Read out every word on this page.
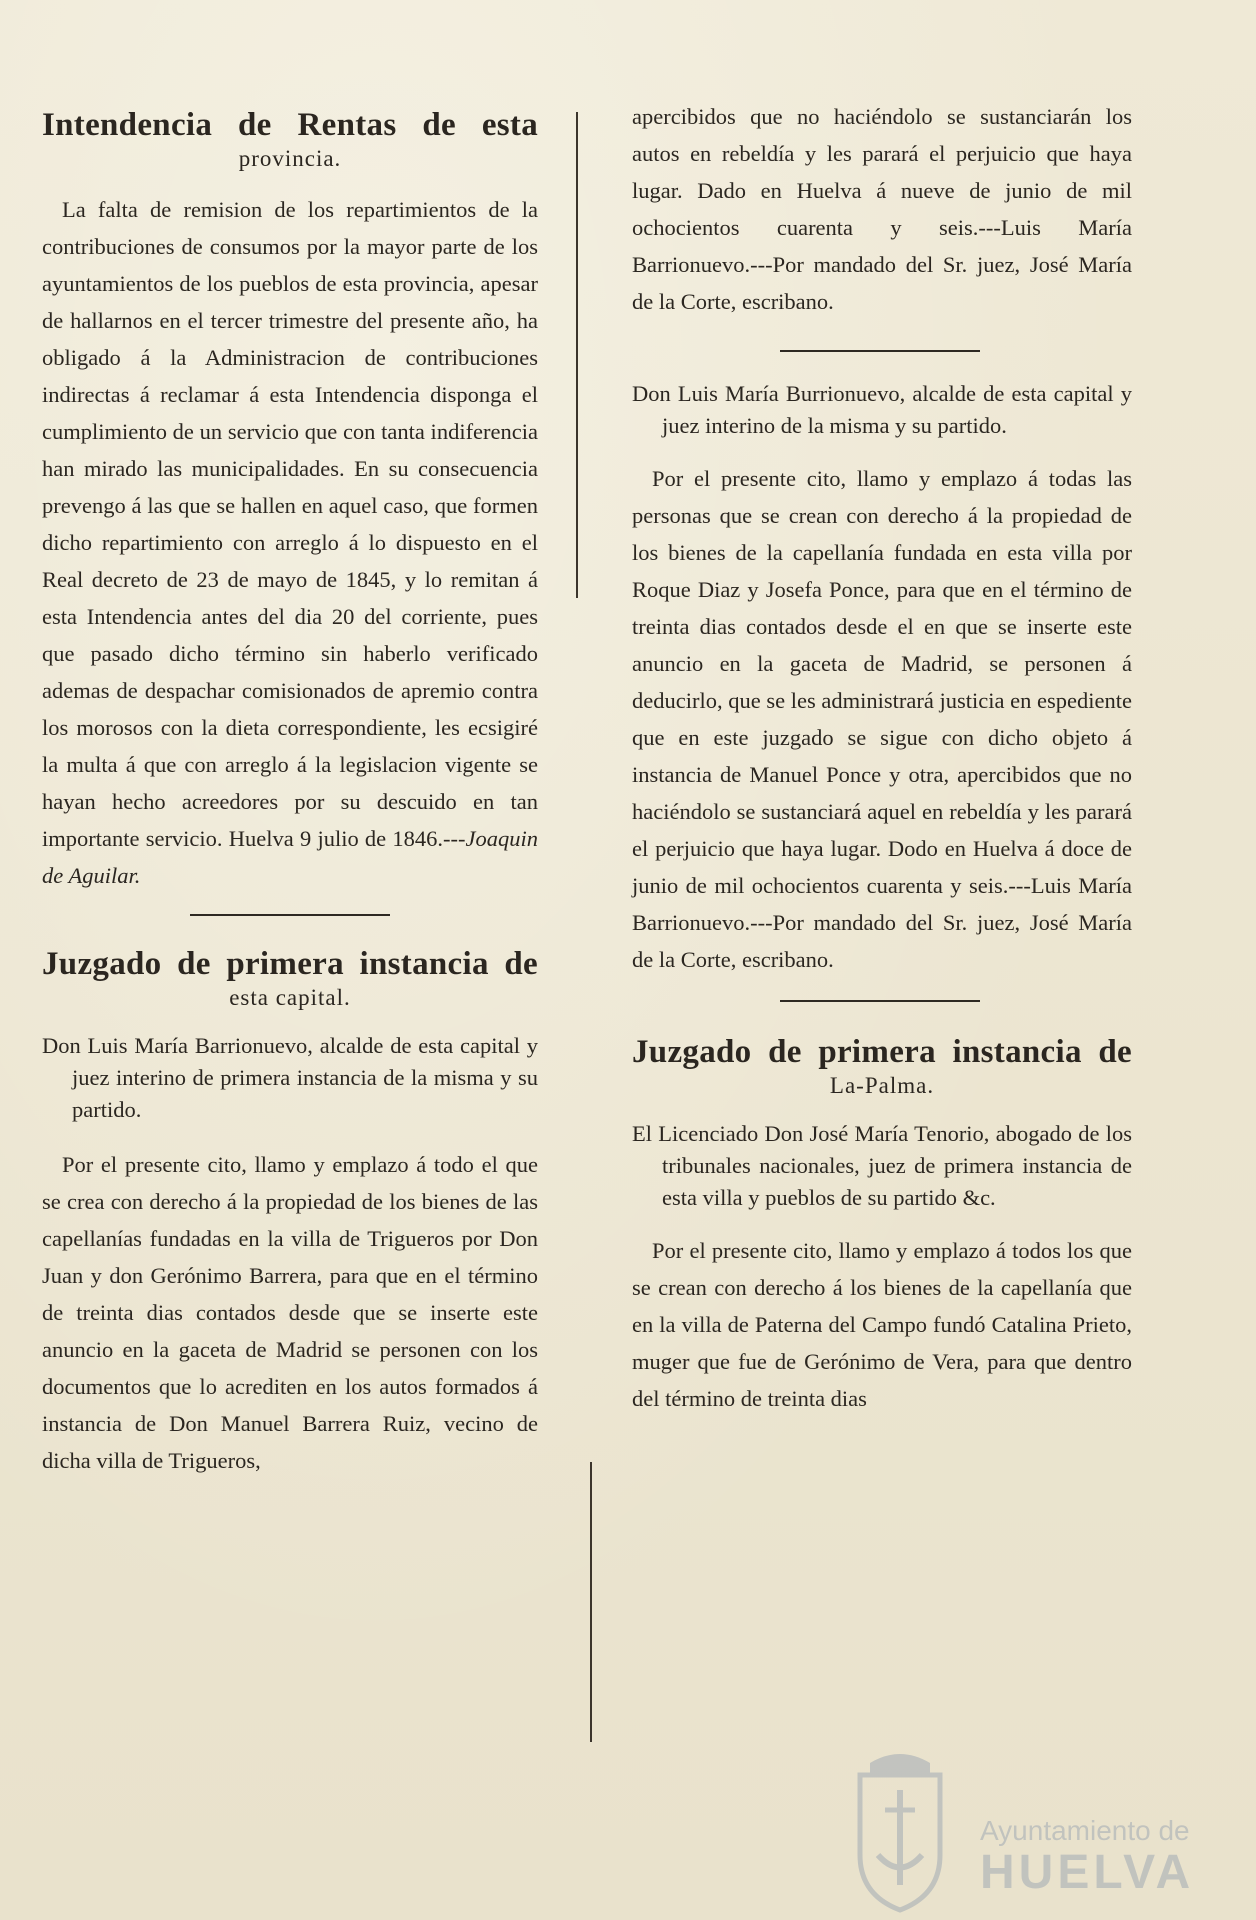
Intendencia de Rentas de esta

provincia.

La falta de remision de los repartimientos de la contribuciones de consumos por la mayor parte de los ayuntamientos de los pueblos de esta provincia, apesar de hallarnos en el tercer trimestre del presente año, ha obligado á la Administracion de contribuciones indirectas á reclamar á esta Intendencia disponga el cumplimiento de un servicio que con tanta indiferencia han mirado las municipalidades. En su consecuencia prevengo á las que se hallen en aquel caso, que formen dicho repartimiento con arreglo á lo dispuesto en el Real decreto de 23 de mayo de 1845, y lo remitan á esta Intendencia antes del dia 20 del corriente, pues que pasado dicho término sin haberlo verificado ademas de despachar comisionados de apremio contra los morosos con la dieta correspondiente, les ecsigiré la multa á que con arreglo á la legislacion vigente se hayan hecho acreedores por su descuido en tan importante servicio. Huelva 9 julio de 1846.---Joaquin de Aguilar.

Juzgado de primera instancia de

esta capital.

Don Luis María Barrionuevo, alcalde de esta capital y juez interino de primera instancia de la misma y su partido.

Por el presente cito, llamo y emplazo á todo el que se crea con derecho á la propiedad de los bienes de las capellanías fundadas en la villa de Trigueros por Don Juan y don Gerónimo Barrera, para que en el término de treinta dias contados desde que se inserte este anuncio en la gaceta de Madrid se personen con los documentos que lo acrediten en los autos formados á instancia de Don Manuel Barrera Ruiz, vecino de dicha villa de Trigueros,

apercibidos que no haciéndolo se sustanciarán los autos en rebeldía y les parará el perjuicio que haya lugar. Dado en Huelva á nueve de junio de mil ochocientos cuarenta y seis.---Luis María Barrionuevo.---Por mandado del Sr. juez, José María de la Corte, escribano.

Don Luis María Burrionuevo, alcalde de esta capital y juez interino de la misma y su partido.

Por el presente cito, llamo y emplazo á todas las personas que se crean con derecho á la propiedad de los bienes de la capellanía fundada en esta villa por Roque Diaz y Josefa Ponce, para que en el término de treinta dias contados desde el en que se inserte este anuncio en la gaceta de Madrid, se personen á deducirlo, que se les administrará justicia en espediente que en este juzgado se sigue con dicho objeto á instancia de Manuel Ponce y otra, apercibidos que no haciéndolo se sustanciará aquel en rebeldía y les parará el perjuicio que haya lugar. Dodo en Huelva á doce de junio de mil ochocientos cuarenta y seis.---Luis María Barrionuevo.---Por mandado del Sr. juez, José María de la Corte, escribano.

Juzgado de primera instancia de

La-Palma.

El Licenciado Don José María Tenorio, abogado de los tribunales nacionales, juez de primera instancia de esta villa y pueblos de su partido &c.

Por el presente cito, llamo y emplazo á todos los que se crean con derecho á los bienes de la capellanía que en la villa de Paterna del Campo fundó Catalina Prieto, muger que fue de Gerónimo de Vera, para que dentro del término de treinta dias

Ayuntamiento de
HUELVA
